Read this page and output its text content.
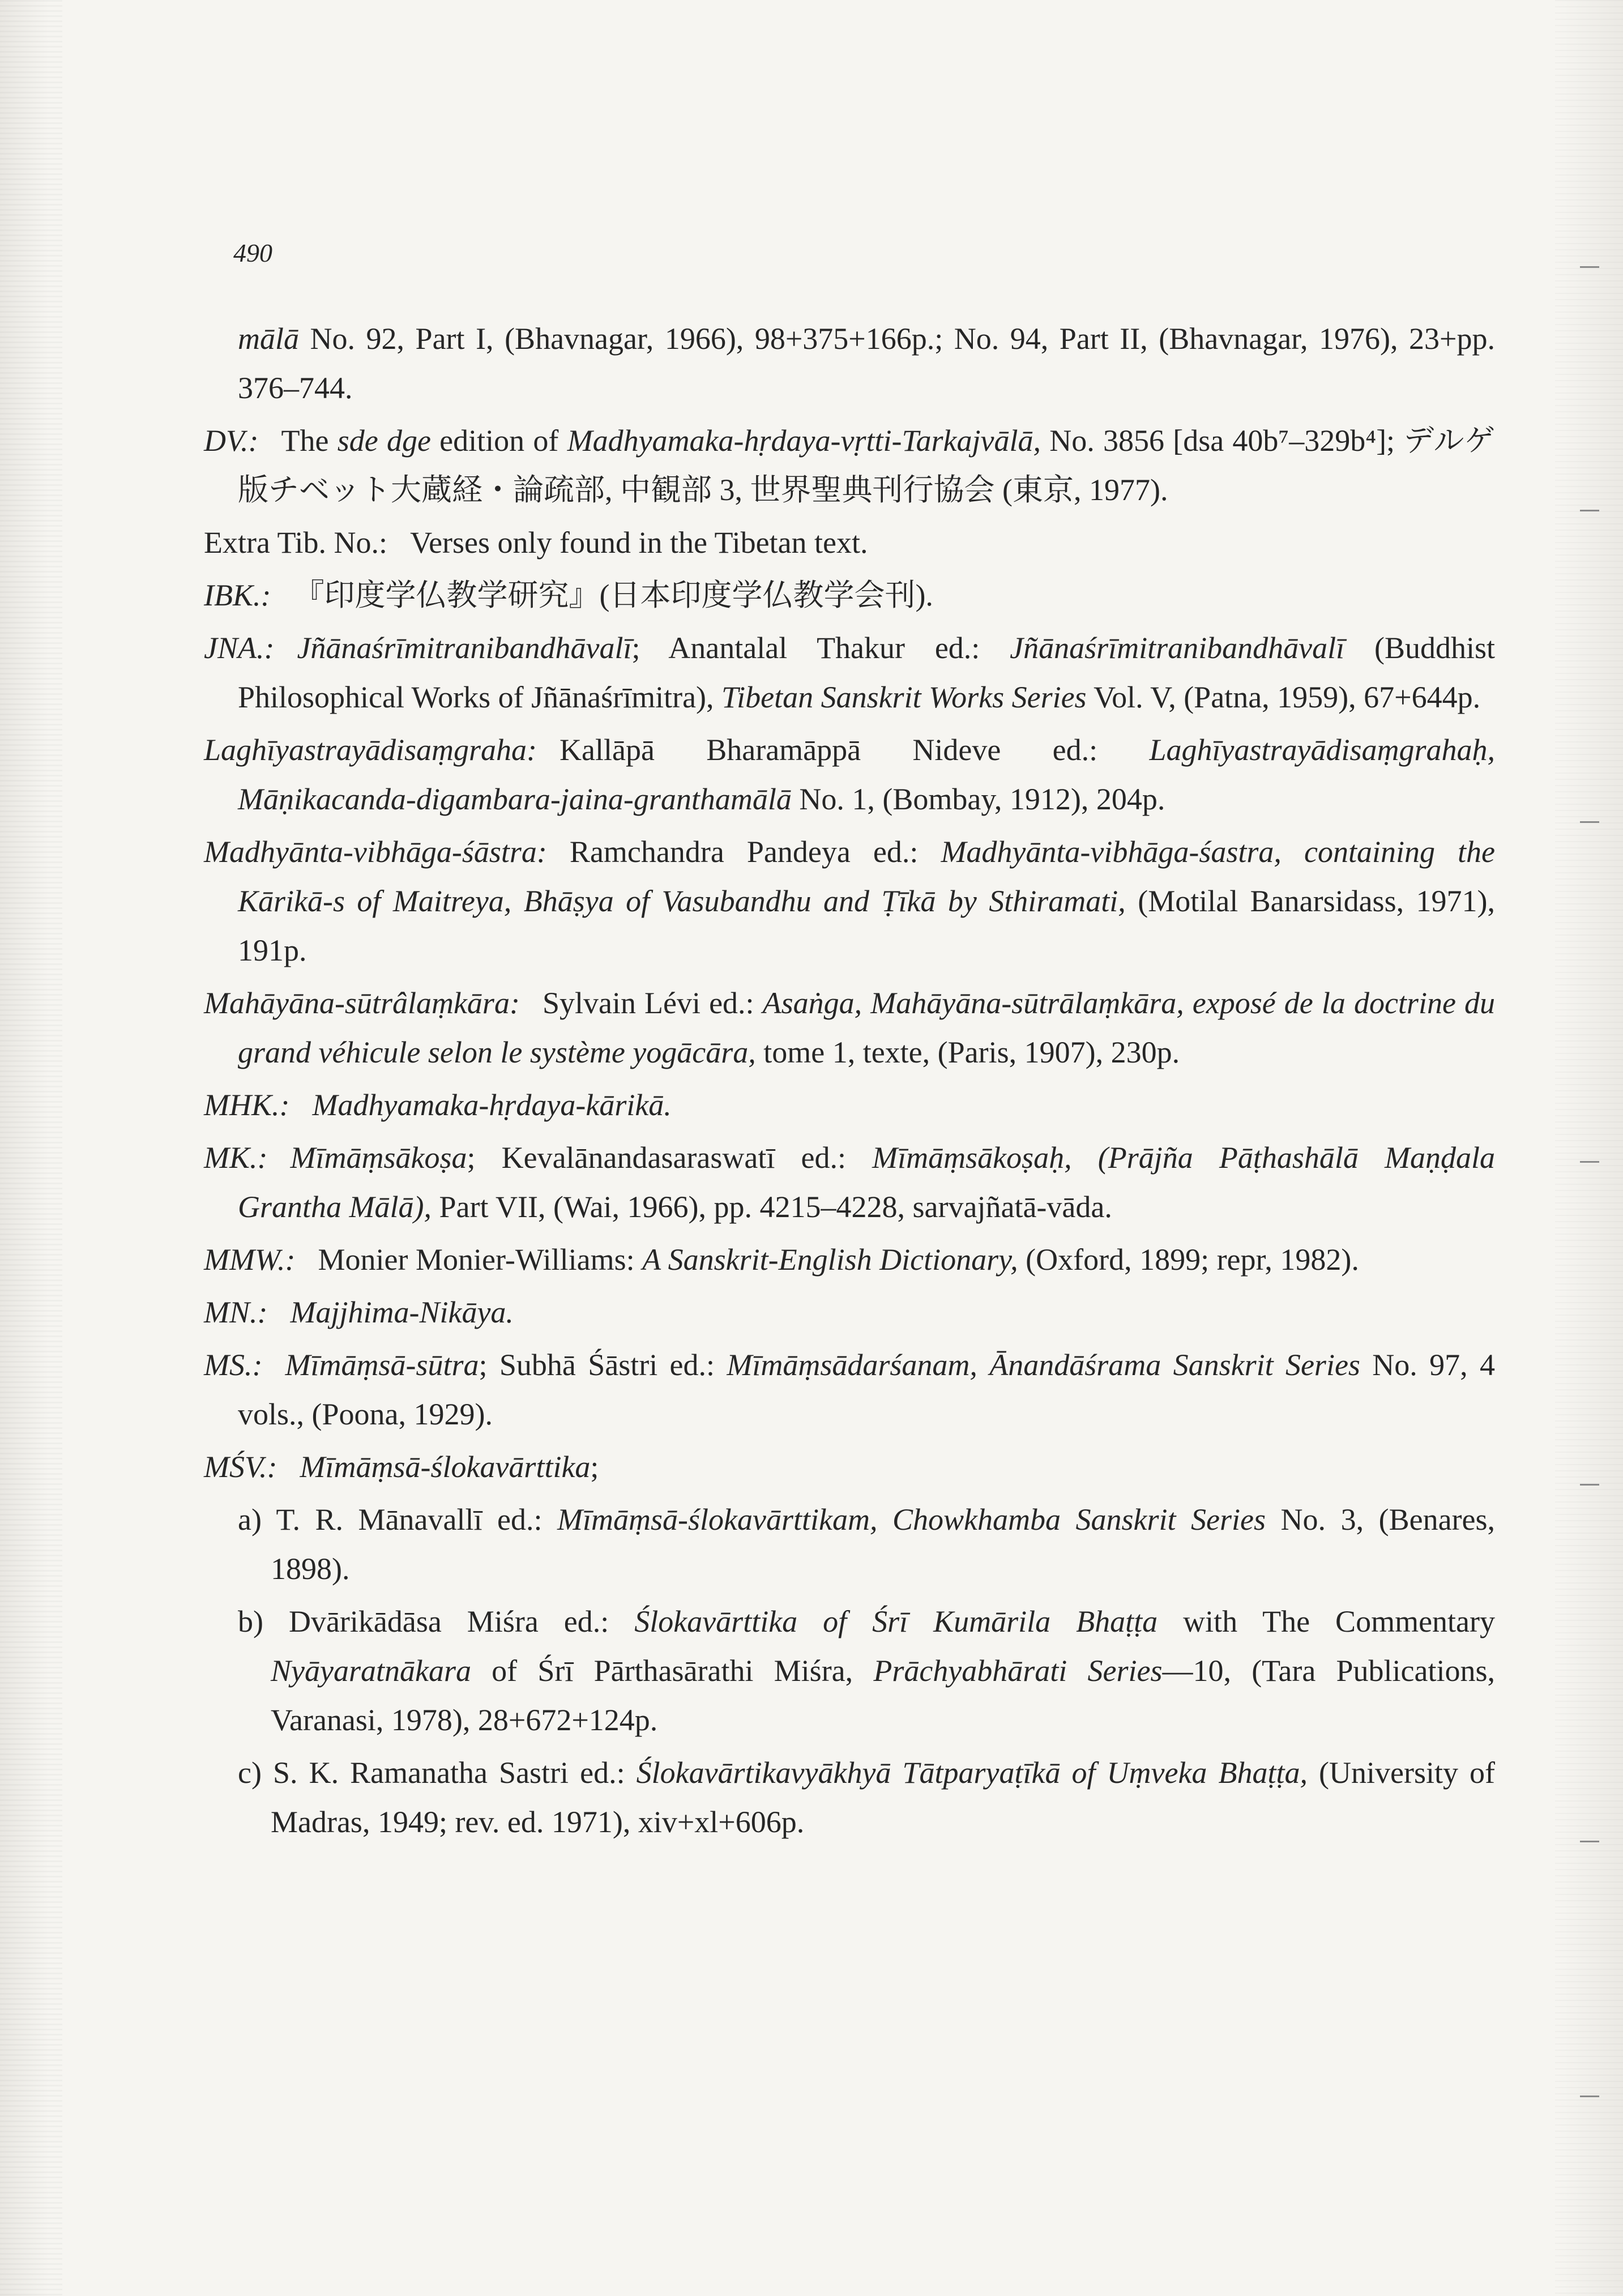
490

mālā No. 92, Part I, (Bhavnagar, 1966), 98+375+166p.; No. 94, Part II, (Bhavnagar, 1976), 23+pp. 376–744.

DV.: The sde dge edition of Madhyamaka-hṛdaya-vṛtti-Tarkajvālā, No. 3856 [dsa 40b⁷–329b⁴]; デルゲ版チベット大蔵経・論疏部, 中観部 3, 世界聖典刊行協会 (東京, 1977).

Extra Tib. No.: Verses only found in the Tibetan text.

IBK.: 『印度学仏教学研究』(日本印度学仏教学会刊).

JNA.: Jñānaśrīmitranibandhāvalī; Anantalal Thakur ed.: Jñānaśrīmitranibandhāvalī (Buddhist Philosophical Works of Jñānaśrīmitra), Tibetan Sanskrit Works Series Vol. V, (Patna, 1959), 67+644p.

Laghīyastrayādisaṃgraha: Kallāpā Bharamāppā Nideve ed.: Laghīyastrayādisaṃgrahaḥ, Māṇikacanda-digambara-jaina-granthamālā No. 1, (Bombay, 1912), 204p.

Madhyānta-vibhāga-śāstra: Ramchandra Pandeya ed.: Madhyānta-vibhāga-śastra, containing the Kārikā-s of Maitreya, Bhāṣya of Vasubandhu and Ṭīkā by Sthiramati, (Motilal Banarsidass, 1971), 191p.

Mahāyāna-sūtrâlaṃkāra: Sylvain Lévi ed.: Asaṅga, Mahāyāna-sūtrālaṃkāra, exposé de la doctrine du grand véhicule selon le système yogācāra, tome 1, texte, (Paris, 1907), 230p.

MHK.: Madhyamaka-hṛdaya-kārikā.

MK.: Mīmāṃsākoṣa; Kevalānandasaraswatī ed.: Mīmāṃsākoṣaḥ, (Prājña Pāṭhashālā Maṇḍala Grantha Mālā), Part VII, (Wai, 1966), pp. 4215–4228, sarvajñatā-vāda.

MMW.: Monier Monier-Williams: A Sanskrit-English Dictionary, (Oxford, 1899; repr, 1982).

MN.: Majjhima-Nikāya.

MS.: Mīmāṃsā-sūtra; Subhā Śāstri ed.: Mīmāṃsādarśanam, Ānandāśrama Sanskrit Series No. 97, 4 vols., (Poona, 1929).

MŚV.: Mīmāṃsā-ślokavārttika;

a) T. R. Mānavallī ed.: Mīmāṃsā-ślokavārttikam, Chowkhamba Sanskrit Series No. 3, (Benares, 1898).

b) Dvārikādāsa Miśra ed.: Ślokavārttika of Śrī Kumārila Bhaṭṭa with The Commentary Nyāyaratnākara of Śrī Pārthasārathi Miśra, Prāchyabhārati Series—10, (Tara Publications, Varanasi, 1978), 28+672+124p.

c) S. K. Ramanatha Sastri ed.: Ślokavārtikavyākhyā Tātparyaṭīkā of Uṃveka Bhaṭṭa, (University of Madras, 1949; rev. ed. 1971), xiv+xl+606p.
